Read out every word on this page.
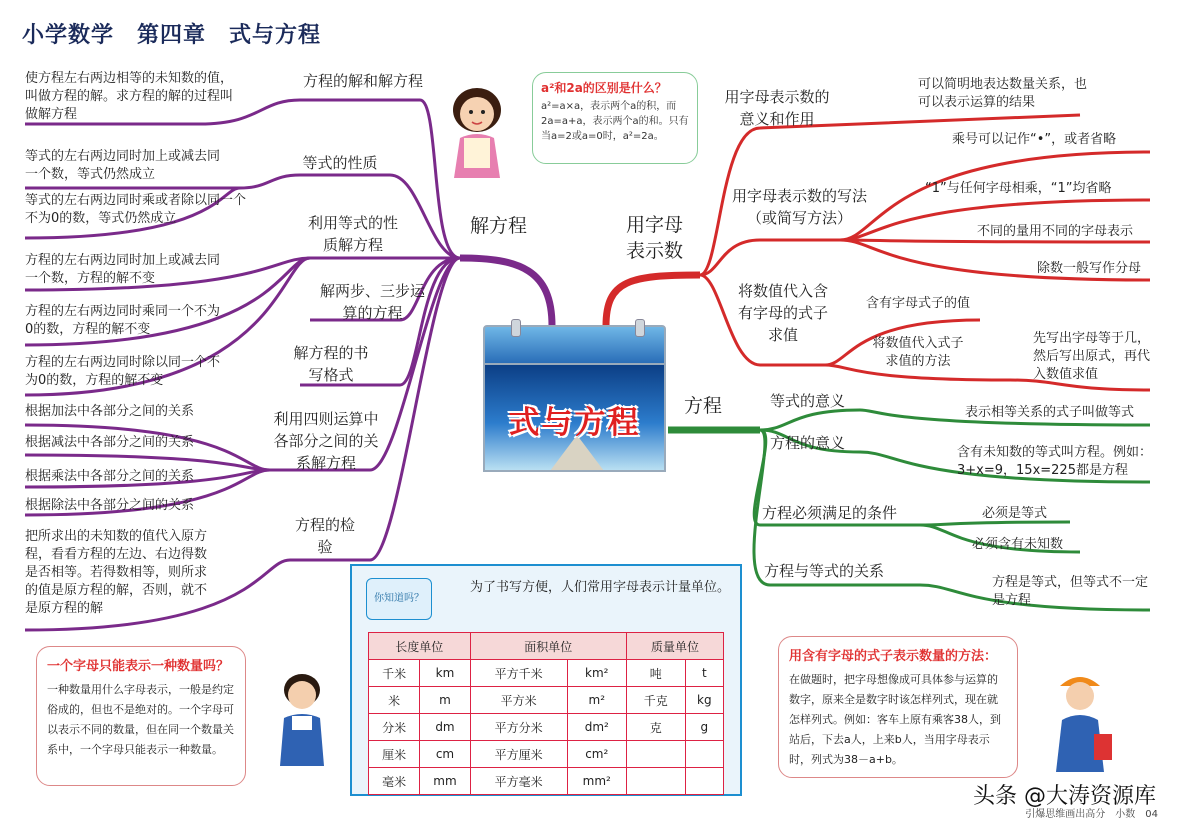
小学数学　第四章　式与方程
式与方程
解方程	用字母
表示数
方程
方程的解和解方程
使方程左右两边相等的未知数的值，叫做方程的解。求方程的解的过程叫做解方程
等式的性质
等式的左右两边同时加上或减去同一个数，等式仍然成立
等式的左右两边同时乘或者除以同一个不为0的数，等式仍然成立	利用等式的性质解方程
方程的左右两边同时加上或减去同一个数，方程的解不变
方程的左右两边同时乘同一个不为0的数，方程的解不变
方程的左右两边同时除以同一个不为0的数，方程的解不变
解两步、三步运算的方程
解方程的书写格式
利用四则运算中各部分之间的关系解方程
根据加法中各部分之间的关系
根据减法中各部分之间的关系
根据乘法中各部分之间的关系
根据除法中各部分之间的关系
方程的检验
把所求出的未知数的值代入原方程，看看方程的左边、右边得数是否相等。若得数相等，则所求的值是原方程的解，否则，就不是原方程的解
用字母表示数的意义和作用
可以简明地表达数量关系，也可以表示运算的结果
用字母表示数的写法（或简写方法）
乘号可以记作“•”，或者省略
“1”与任何字母相乘，“1”均省略
不同的量用不同的字母表示
除数一般写作分母
将数值代入含有字母的式子求值
含有字母式子的值
将数值代入式子求值的方法
先写出字母等于几，然后写出原式，再代入数值求值
等式的意义
表示相等关系的式子叫做等式
方程的意义
含有未知数的等式叫方程。例如：3+x=9，15x=225都是方程
方程必须满足的条件	必须是等式
必须含有未知数
方程与等式的关系
方程是等式，但等式不一定是方程
a²和2a的区别是什么？
a²=a×a，表示两个a的积，而2a=a+a，表示两个a的和。只有当a=2或a=0时，a²=2a。
一个字母只能表示一种数量吗？
一种数量用什么字母表示，一般是约定俗成的，但也不是绝对的。一个字母可以表示不同的数量，但在同一个数量关系中，一个字母只能表示一种数量。
你知道吗？
为了书写方便，人们常用字母表示计量单位。
长度单位		面积单位		质量单位	
千米	km	平方千米	km²	吨	t
米	m	平方米	m²	千克	kg
分米	dm	平方分米	dm²	克	g
厘米	cm	平方厘米	cm²		
毫米	mm	平方毫米	mm²		
用含有字母的式子表示数量的方法：
在做题时，把字母想像成可具体参与运算的数字，原来全是数字时该怎样列式，现在就怎样列式。例如：客车上原有乘客38人，到站后，下去a人，上来b人，当用字母表示时，列式为38－a+b。
头条 @大涛资源库
引爆思维画出高分　小数　04
